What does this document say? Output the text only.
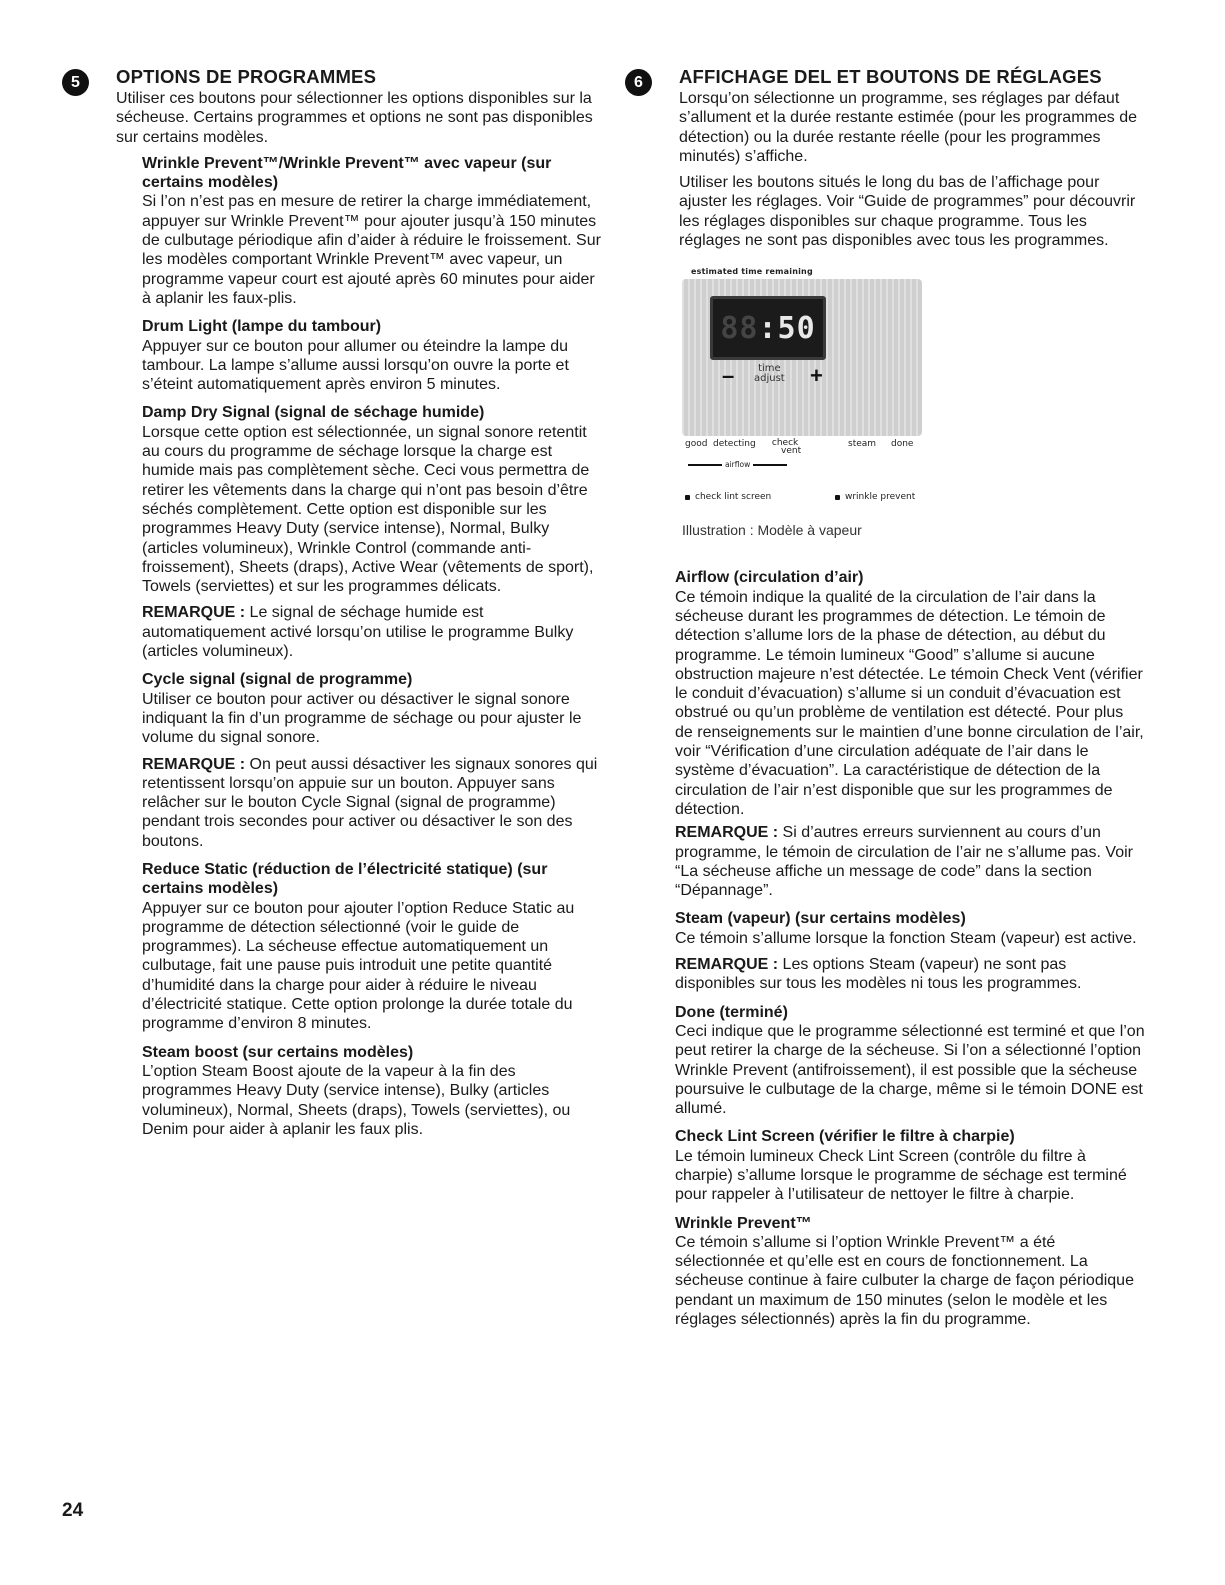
5	OPTIONS DE PROGRAMMES

Utiliser ces boutons pour sélectionner les options disponibles sur la sécheuse. Certains programmes et options ne sont pas disponibles sur certains modèles.

Wrinkle Prevent™/Wrinkle Prevent™ avec vapeur (sur certains modèles)

Si l’on n’est pas en mesure de retirer la charge immédiatement, appuyer sur Wrinkle Prevent™ pour ajouter jusqu’à 150 minutes de culbutage périodique afin d’aider à réduire le froissement. Sur les modèles comportant Wrinkle Prevent™ avec vapeur, un programme vapeur court est ajouté après 60 minutes pour aider à aplanir les faux-plis.

Drum Light (lampe du tambour)

Appuyer sur ce bouton pour allumer ou éteindre la lampe du tambour. La lampe s’allume aussi lorsqu’on ouvre la porte et s’éteint automatiquement après environ 5 minutes.

Damp Dry Signal (signal de séchage humide)

Lorsque cette option est sélectionnée, un signal sonore retentit au cours du programme de séchage lorsque la charge est humide mais pas complètement sèche. Ceci vous permettra de retirer les vêtements dans la charge qui n’ont pas besoin d’être séchés complètement. Cette option est disponible sur les programmes Heavy Duty (service intense), Normal, Bulky (articles volumineux), Wrinkle Control (commande anti-froissement), Sheets (draps), Active Wear (vêtements de sport), Towels (serviettes) et sur les programmes délicats.

REMARQUE : Le signal de séchage humide est automatiquement activé lorsqu’on utilise le programme Bulky (articles volumineux).

Cycle signal (signal de programme)

Utiliser ce bouton pour activer ou désactiver le signal sonore indiquant la fin d’un programme de séchage ou pour ajuster le volume du signal sonore.

REMARQUE : On peut aussi désactiver les signaux sonores qui retentissent lorsqu’on appuie sur un bouton. Appuyer sans relâcher sur le bouton Cycle Signal (signal de programme) pendant trois secondes pour activer ou désactiver le son des boutons.

Reduce Static (réduction de l’électricité statique) (sur certains modèles)

Appuyer sur ce bouton pour ajouter l’option Reduce Static au programme de détection sélectionné (voir le guide de programmes). La sécheuse effectue automatiquement un culbutage, fait une pause puis introduit une petite quantité d’humidité dans la charge pour aider à réduire le niveau d’électricité statique. Cette option prolonge la durée totale du programme d’environ 8 minutes.

Steam boost (sur certains modèles)

L’option Steam Boost ajoute de la vapeur à la fin des programmes Heavy Duty (service intense), Bulky (articles volumineux), Normal, Sheets (draps), Towels (serviettes), ou Denim pour aider à aplanir les faux plis.

6	AFFICHAGE DEL ET BOUTONS DE RÉGLAGES

Lorsqu’on sélectionne un programme, ses réglages par défaut s’allument et la durée restante estimée (pour les programmes de détection) ou la durée restante réelle (pour les programmes minutés) s’affiche.

Utiliser les boutons situés le long du bas de l’affichage pour ajuster les réglages. Voir “Guide de programmes” pour découvrir les réglages disponibles sur chaque programme. Tous les réglages ne sont pas disponibles avec tous les programmes.

estimated time remaining
88:50
–	time
adjust +
good detecting	check
vent
steam done
airflow
check lint screen	wrinkle prevent
Illustration : Modèle à vapeur
Airflow (circulation d’air)

Ce témoin indique la qualité de la circulation de l’air dans la sécheuse durant les programmes de détection. Le témoin de détection s’allume lors de la phase de détection, au début du programme. Le témoin lumineux “Good” s’allume si aucune obstruction majeure n’est détectée. Le témoin Check Vent (vérifier le conduit d’évacuation) s’allume si un conduit d’évacuation est obstrué ou qu’un problème de ventilation est détecté. Pour plus de renseignements sur le maintien d’une bonne circulation de l’air, voir “Vérification d’une circulation adéquate de l’air dans le système d’évacuation”. La caractéristique de détection de la circulation de l’air n’est disponible que sur les programmes de détection.

REMARQUE : Si d’autres erreurs surviennent au cours d’un programme, le témoin de circulation de l’air ne s’allume pas. Voir “La sécheuse affiche un message de code” dans la section “Dépannage”.

Steam (vapeur) (sur certains modèles)

Ce témoin s’allume lorsque la fonction Steam (vapeur) est active.

REMARQUE : Les options Steam (vapeur) ne sont pas disponibles sur tous les modèles ni tous les programmes.

Done (terminé)

Ceci indique que le programme sélectionné est terminé et que l’on peut retirer la charge de la sécheuse. Si l’on a sélectionné l’option Wrinkle Prevent (antifroissement), il est possible que la sécheuse poursuive le culbutage de la charge, même si le témoin DONE est allumé.

Check Lint Screen (vérifier le filtre à charpie)

Le témoin lumineux Check Lint Screen (contrôle du filtre à charpie) s’allume lorsque le programme de séchage est terminé pour rappeler à l’utilisateur de nettoyer le filtre à charpie.

Wrinkle Prevent™

Ce témoin s’allume si l’option Wrinkle Prevent™ a été sélectionnée et qu’elle est en cours de fonctionnement. La sécheuse continue à faire culbuter la charge de façon périodique pendant un maximum de 150 minutes (selon le modèle et les réglages sélectionnés) après la fin du programme.

24
